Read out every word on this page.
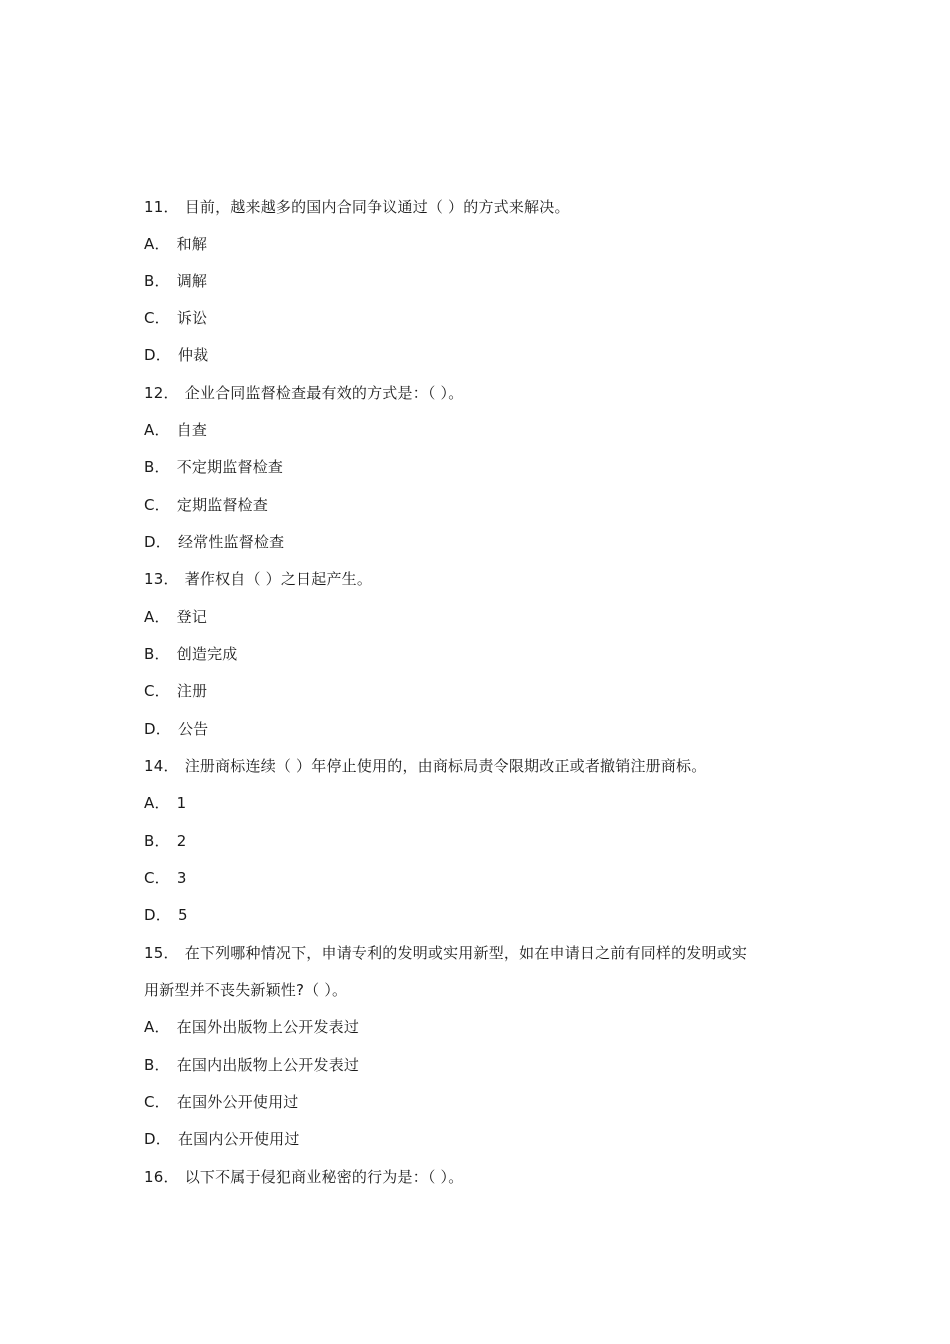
11． 目前，越来越多的国内合同争议通过（ ）的方式来解决。
A． 和解
B． 调解
C． 诉讼
D． 仲裁
12． 企业合同监督检查最有效的方式是：（ ）。
A． 自查
B． 不定期监督检查
C． 定期监督检查
D． 经常性监督检查
13． 著作权自（ ）之日起产生。
A． 登记
B． 创造完成
C． 注册
D． 公告
14． 注册商标连续（ ）年停止使用的，由商标局责令限期改正或者撤销注册商标。
A． 1
B． 2
C． 3
D． 5
15． 在下列哪种情况下，申请专利的发明或实用新型，如在申请日之前有同样的发明或实
用新型并不丧失新颖性?（ ）。
A． 在国外出版物上公开发表过
B． 在国内出版物上公开发表过
C． 在国外公开使用过
D． 在国内公开使用过
16． 以下不属于侵犯商业秘密的行为是：（ ）。
